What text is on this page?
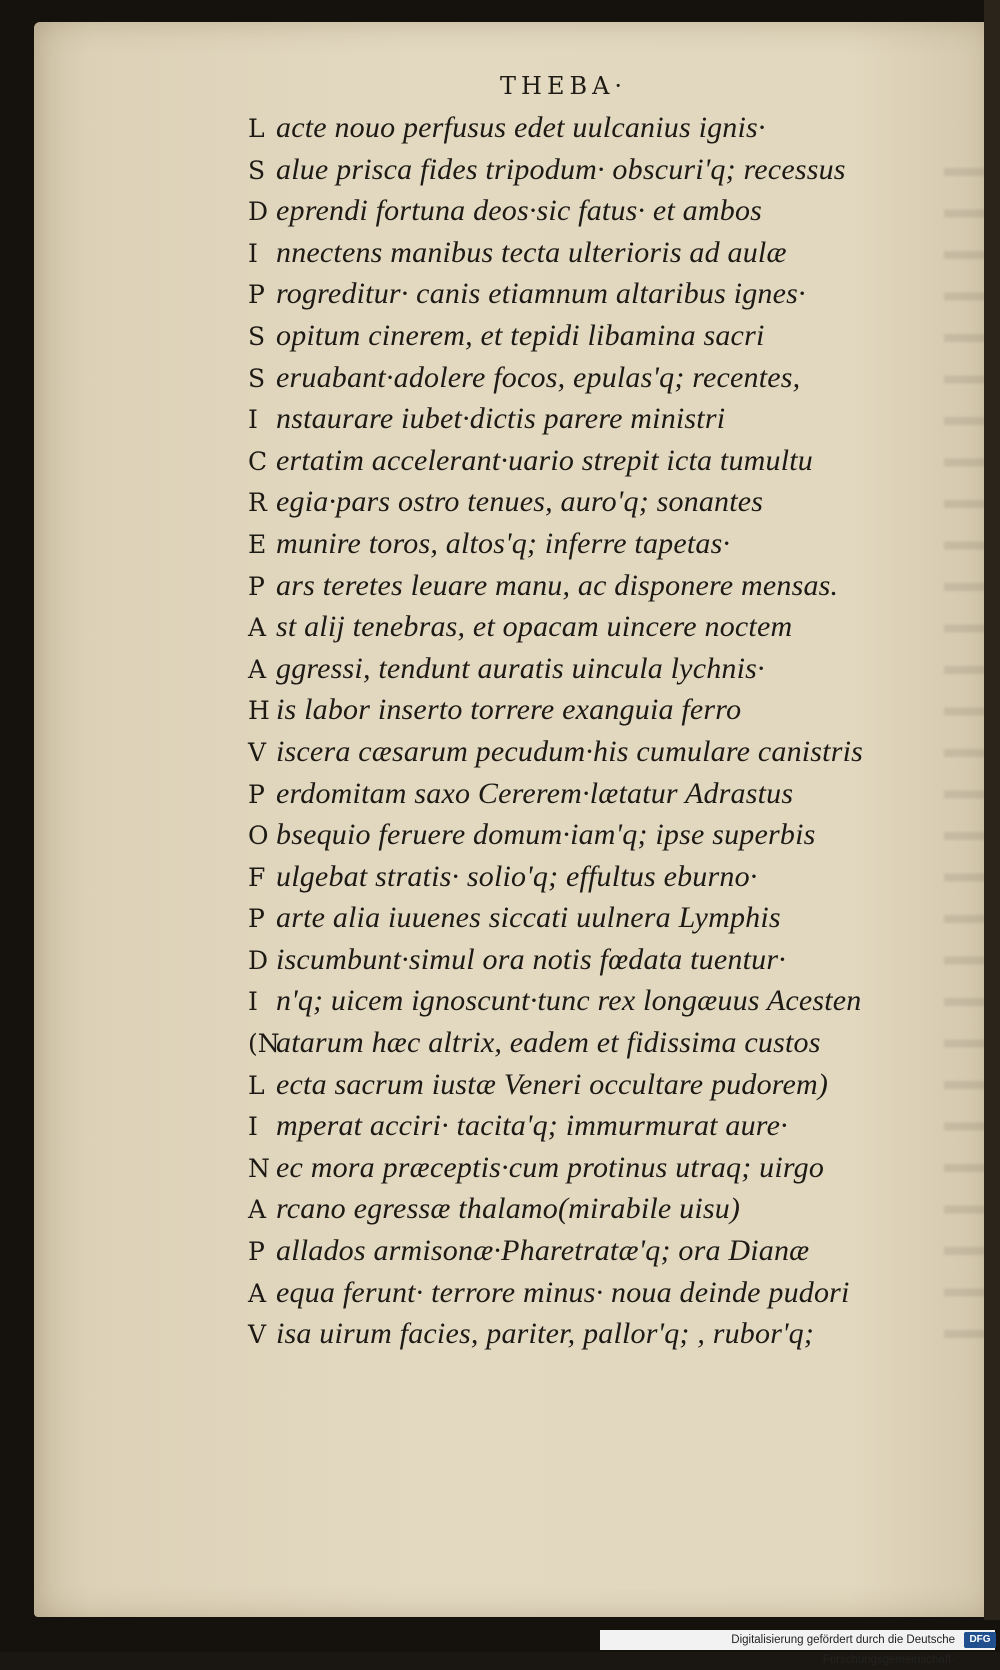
THEBA·
L acte nouo perfusus edet uulcanius ignis·
S alue prisca fides tripodum· obscuri'q; recessus
D eprendi fortuna deos·sic fatus· et ambos
I nnectens manibus tecta ulterioris ad aulæ
P rogreditur· canis etiamnum altaribus ignes·
S opitum cinerem, et tepidi libamina sacri
S eruabant·adolere focos, epulas'q; recentes,
I nstaurare iubet·dictis parere ministri
C ertatim accelerant·uario strepit icta tumultu
R egia·pars ostro tenues, auro'q; sonantes
E munire toros, altos'q; inferre tapetas·
P ars teretes leuare manu, ac disponere mensas.
A st alij tenebras, et opacam uincere noctem
A ggressi, tendunt auratis uincula lychnis·
H is labor inserto torrere exanguia ferro
V iscera cæsarum pecudum·his cumulare canistris
P erdomitam saxo Cererem·lætatur Adrastus
O bsequio feruere domum·iam'q; ipse superbis
F ulgebat stratis· solio'q; effultus eburno·
P arte alia iuuenes siccati uulnera Lymphis
D iscumbunt·simul ora notis fœdata tuentur·
I n'q; uicem ignoscunt·tunc rex longæuus Acesten
(Natarum hæc altrix, eadem et fidissima custos
L ecta sacrum iustæ Veneri occultare pudorem)
I mperat acciri· tacita'q; immurmurat aure·
N ec mora præceptis·cum protinus utraq; uirgo
A rcano egressæ thalamo(mirabile uisu)
P allados armisonæ·Pharetratæ'q; ora Dianæ
A equa ferunt· terrore minus· noua deinde pudori
V isa uirum facies, pariter, pallor'q; , rubor'q;
Digitalisierung gefördert durch die Deutsche Forschungsgemeinschaft·
DFG
